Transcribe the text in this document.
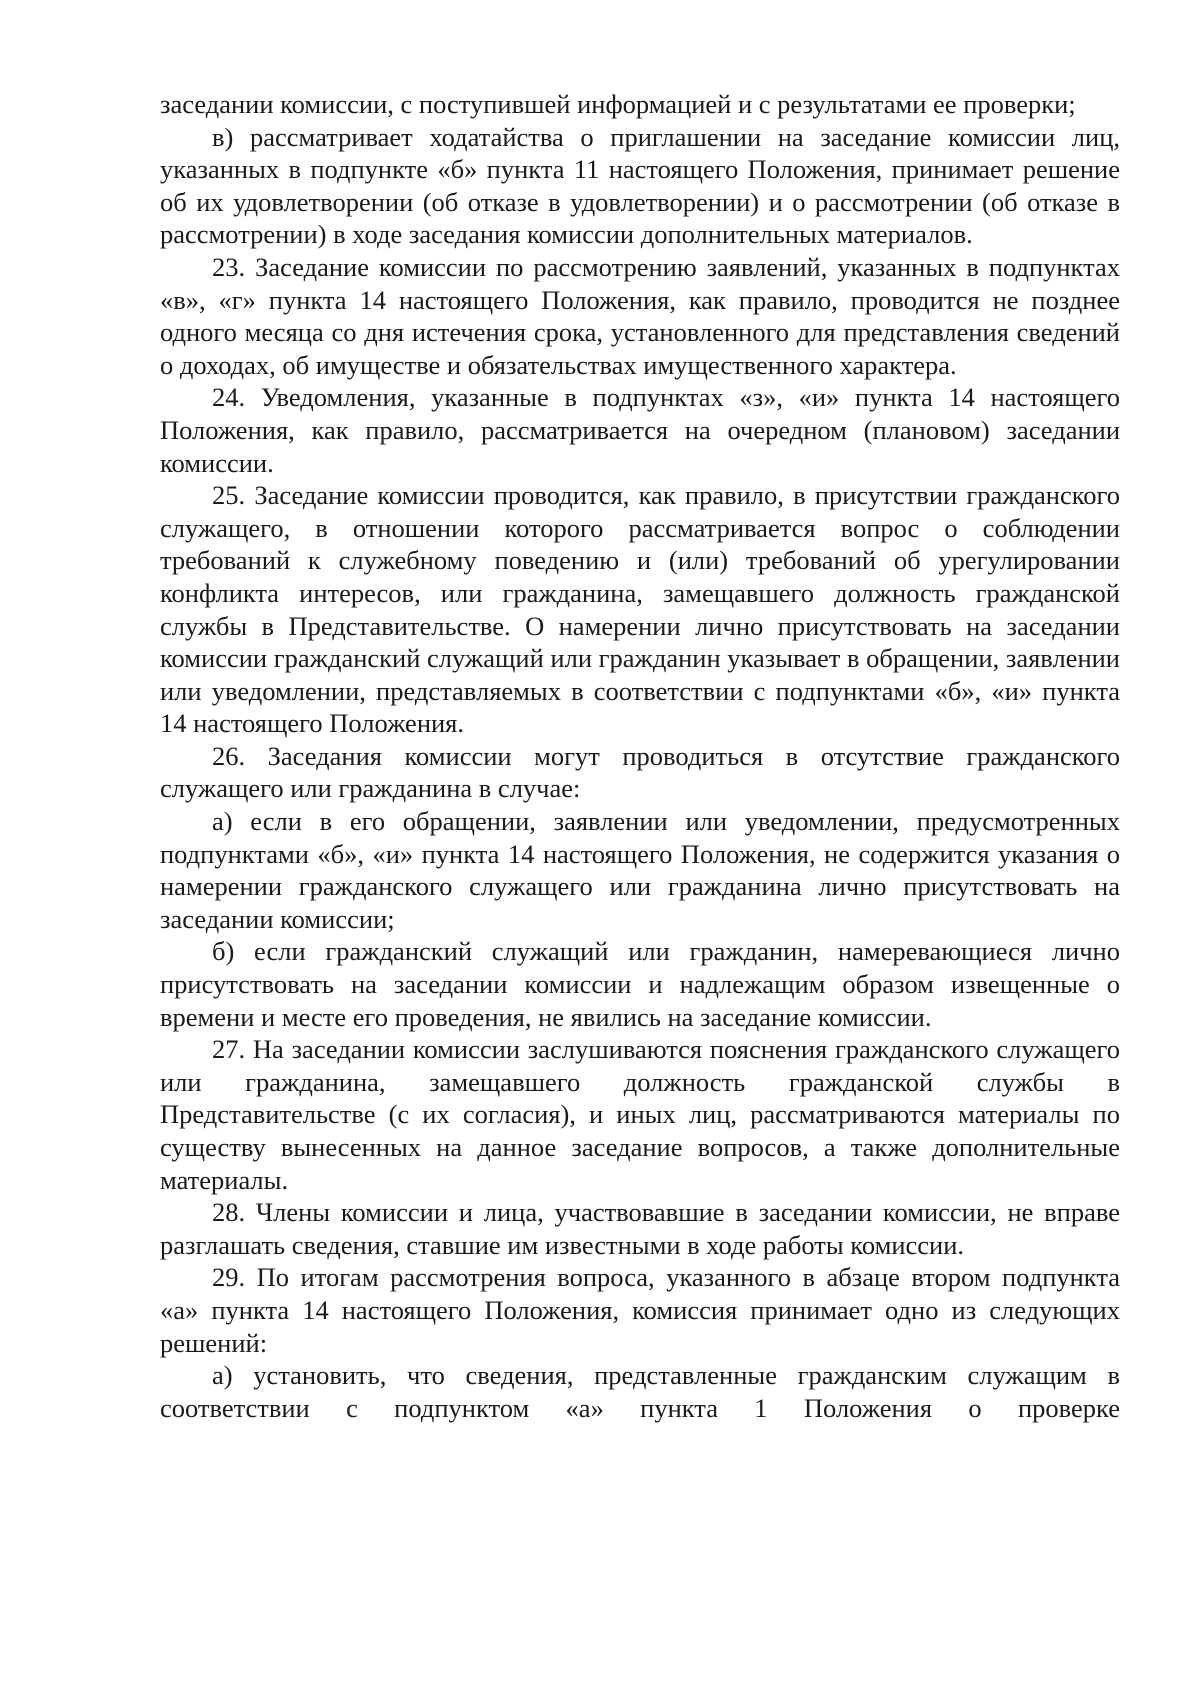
заседании комиссии, с поступившей информацией и с результатами ее проверки;

в) рассматривает ходатайства о приглашении на заседание комиссии лиц, указанных в подпункте «б» пункта 11 настоящего Положения, принимает решение об их удовлетворении (об отказе в удовлетворении) и о рассмотрении (об отказе в рассмотрении) в ходе заседания комиссии дополнительных материалов.

23. Заседание комиссии по рассмотрению заявлений, указанных в подпунктах «в», «г» пункта 14 настоящего Положения, как правило, проводится не позднее одного месяца со дня истечения срока, установленного для представления сведений о доходах, об имуществе и обязательствах имущественного характера.

24. Уведомления, указанные в подпунктах «з», «и» пункта 14 настоящего Положения, как правило, рассматривается на очередном (плановом) заседании комиссии.

25. Заседание комиссии проводится, как правило, в присутствии гражданского служащего, в отношении которого рассматривается вопрос о соблюдении требований к служебному поведению и (или) требований об урегулировании конфликта интересов, или гражданина, замещавшего должность гражданской службы в Представительстве. О намерении лично присутствовать на заседании комиссии гражданский служащий или гражданин указывает в обращении, заявлении или уведомлении, представляемых в соответствии с подпунктами «б», «и» пункта 14 настоящего Положения.

26. Заседания комиссии могут проводиться в отсутствие гражданского служащего или гражданина в случае:

а) если в его обращении, заявлении или уведомлении, предусмотренных подпунктами «б», «и» пункта 14 настоящего Положения, не содержится указания о намерении гражданского служащего или гражданина лично присутствовать на заседании комиссии;

б) если гражданский служащий или гражданин, намеревающиеся лично присутствовать на заседании комиссии и надлежащим образом извещенные о времени и месте его проведения, не явились на заседание комиссии.

27. На заседании комиссии заслушиваются пояснения гражданского служащего или гражданина, замещавшего должность гражданской службы в Представительстве (с их согласия), и иных лиц, рассматриваются материалы по существу вынесенных на данное заседание вопросов, а также дополнительные материалы.

28. Члены комиссии и лица, участвовавшие в заседании комиссии, не вправе разглашать сведения, ставшие им известными в ходе работы комиссии.

29. По итогам рассмотрения вопроса, указанного в абзаце втором подпункта «а» пункта 14 настоящего Положения, комиссия принимает одно из следующих решений:

а) установить, что сведения, представленные гражданским служащим в соответствии с подпунктом «а» пункта 1 Положения о проверке
